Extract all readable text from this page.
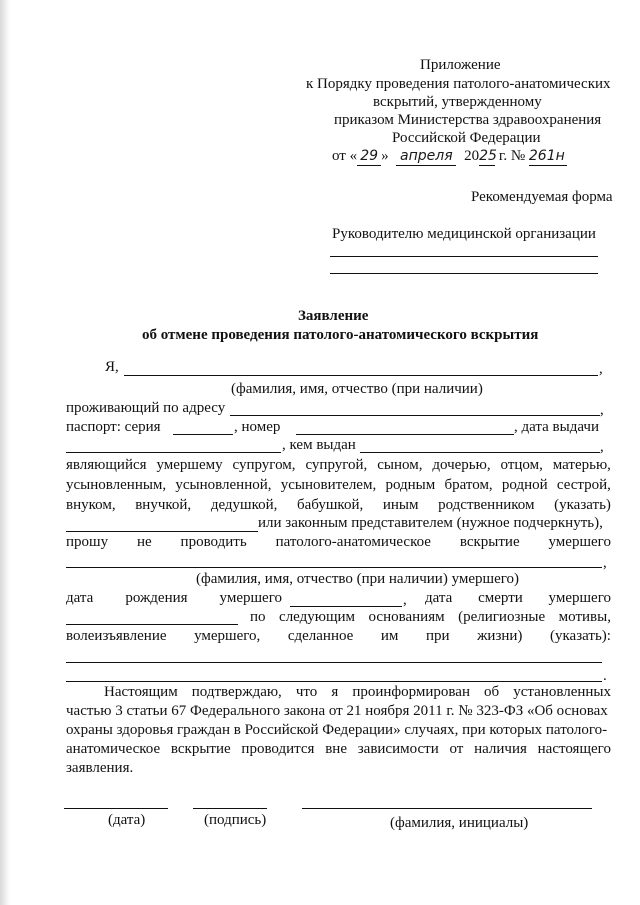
Приложение
к Порядку проведения патолого-анатомических
вскрытий, утвержденному
приказом Министерства здравоохранения
Российской Федерации
от « 29 » апреля 2025 г. № 261н
Рекомендуемая форма
Руководителю медицинской организации
Заявление
об отмене проведения патолого-анатомического вскрытия
Я,	,
(фамилия, имя, отчество (при наличии)
проживающий по адресу	,
паспорт: серия	, номер	, дата выдачи
, кем выдан	,
являющийся умершему супругом, супругой, сыном, дочерью, отцом, матерью,
усыновленным, усыновленной, усыновителем, родным братом, родной сестрой,
внуком, внучкой, дедушкой, бабушкой, иным родственником (указать)
или законным представителем (нужное подчеркнуть),
прошу не проводить патолого-анатомическое вскрытие умершего
,
(фамилия, имя, отчество (при наличии) умершего)
дата рождения умершего	, дата смерти умершего
по следующим основаниям (религиозные мотивы,
волеизъявление умершего, сделанное им при жизни) (указать):
.
Настоящим подтверждаю, что я проинформирован об установленных
частью 3 статьи 67 Федерального закона от 21 ноября 2011 г. № 323-ФЗ «Об основах
охраны здоровья граждан в Российской Федерации» случаях, при которых патолого-
анатомическое вскрытие проводится вне зависимости от наличия настоящего
заявления.
(дата)	(подпись)	(фамилия, инициалы)
